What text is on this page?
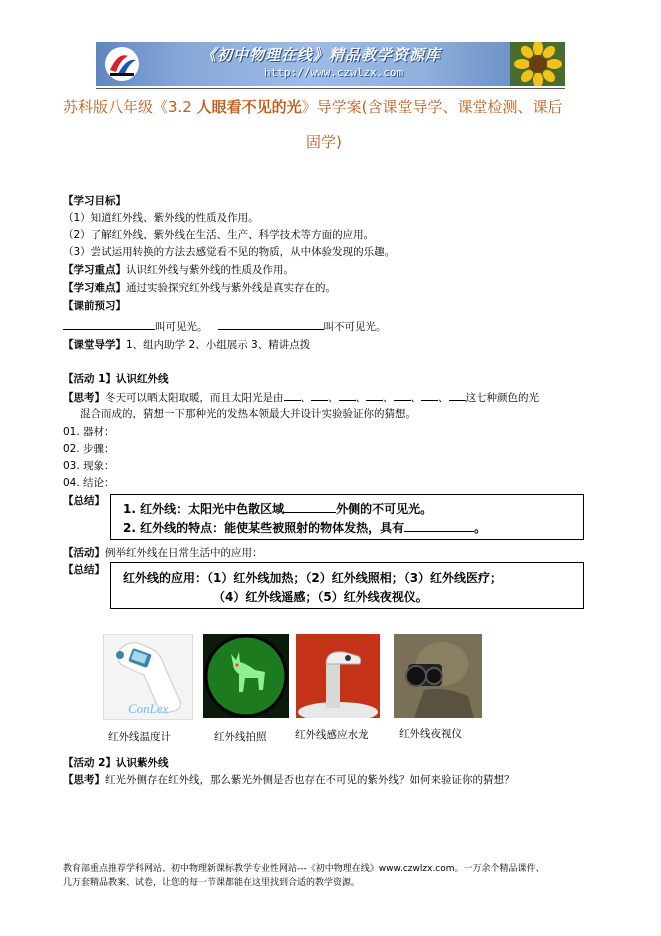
《初中物理在线》精品教学资源库
http://www.czwlzx.com
苏科版八年级《3.2 人眼看不见的光》导学案(含课堂导学、课堂检测、课后
固学)
【学习目标】
（1）知道红外线、紫外线的性质及作用。
（2）了解红外线、紫外线在生活、生产、科学技术等方面的应用。
（3）尝试运用转换的方法去感觉看不见的物质，从中体验发现的乐趣。
【学习重点】认识红外线与紫外线的性质及作用。
【学习难点】通过实验探究红外线与紫外线是真实存在的。
【课前预习】
叫可见光。	叫不可见光。
【课堂导学】1、组内助学 2、小组展示 3、精讲点拨
【活动 1】认识红外线
【思考】冬天可以晒太阳取暖，而且太阳光是由 、 、 、 、 、 、 这七种颜色的光
混合而成的，猜想一下那种光的发热本领最大并设计实验验证你的猜想。
01. 器材：
02. 步骤：
03. 现象：
04. 结论：
【总结】
1. 红外线：太阳光中色散区域	外侧的不可见光。
2. 红外线的特点：能使某些被照射的物体发热，具有	。
【活动】例举红外线在日常生活中的应用：
【总结】
红外线的应用：（1）红外线加热；（2）红外线照相；（3）红外线医疗；
（4）红外线遥感；（5）红外线夜视仪。
ConLex
红外线温度计	红外线拍照	红外线感应水龙	红外线夜视仪
【活动 2】认识紫外线
【思考】红光外侧存在红外线，那么紫光外侧是否也存在不可见的紫外线？如何来验证你的猜想？
教育部重点推荐学科网站、初中物理新课标教学专业性网站---《初中物理在线》www.czwlzx.com。一万余个精品课件、
几万套精品教案、试卷，让您的每一节课都能在这里找到合适的教学资源。
